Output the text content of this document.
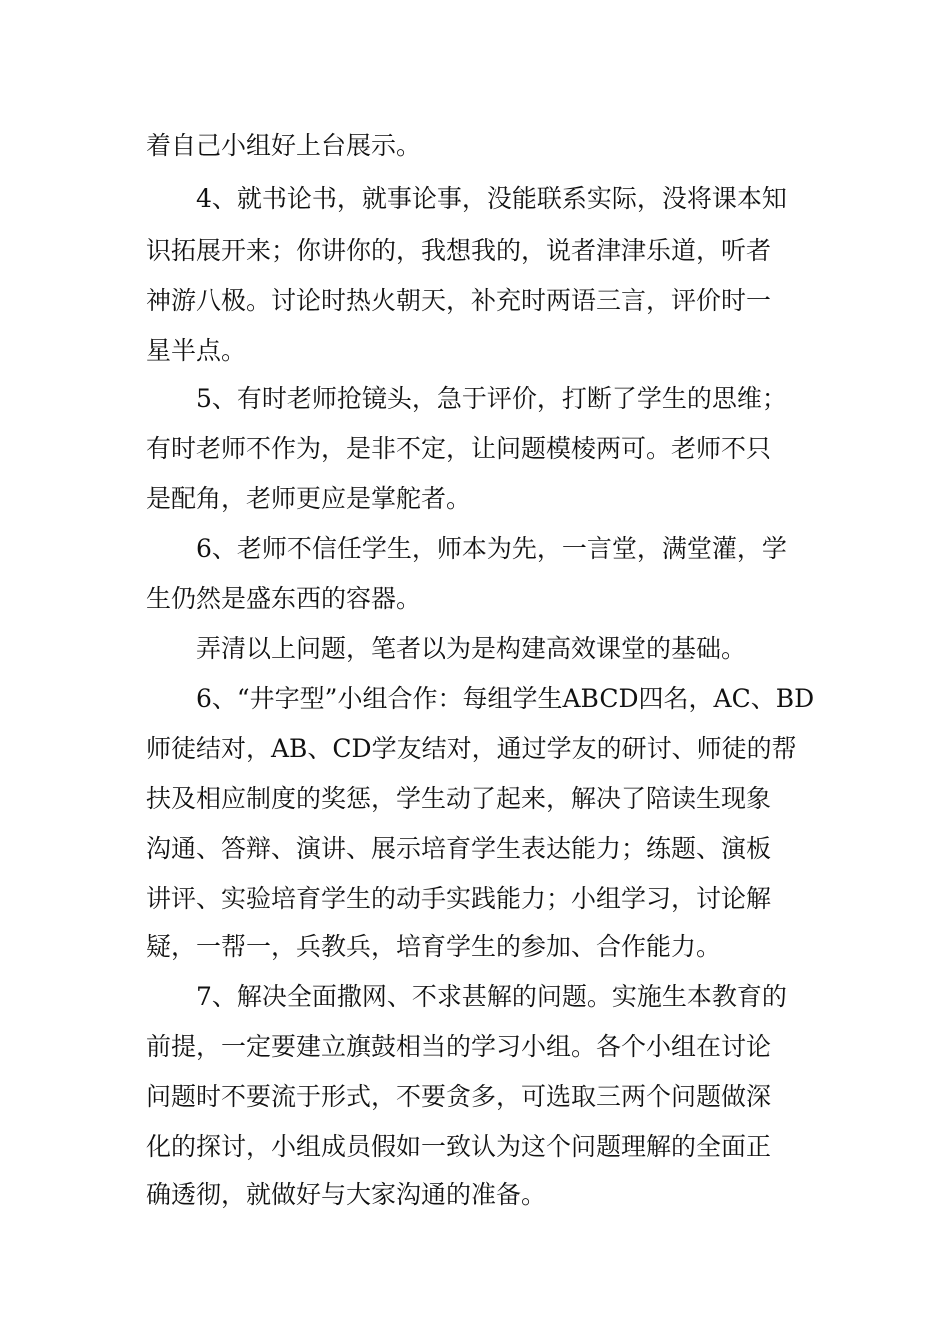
着自己小组好上台展示。
4、就书论书，就事论事，没能联系实际，没将课本知
识拓展开来；你讲你的，我想我的，说者津津乐道，听者
神游八极。讨论时热火朝天，补充时两语三言，评价时一
星半点。
5、有时老师抢镜头，急于评价，打断了学生的思维；
有时老师不作为，是非不定，让问题模棱两可。老师不只
是配角，老师更应是掌舵者。
6、老师不信任学生，师本为先，一言堂，满堂灌，学
生仍然是盛东西的容器。
弄清以上问题，笔者以为是构建高效课堂的基础。
6、“井字型”小组合作：每组学生ABCD四名，AC、BD
师徒结对，AB、CD学友结对，通过学友的研讨、师徒的帮
扶及相应制度的奖惩，学生动了起来，解决了陪读生现象
沟通、答辩、演讲、展示培育学生表达能力；练题、演板
讲评、实验培育学生的动手实践能力；小组学习，讨论解
疑，一帮一，兵教兵，培育学生的参加、合作能力。
7、解决全面撒网、不求甚解的问题。实施生本教育的
前提，一定要建立旗鼓相当的学习小组。各个小组在讨论
问题时不要流于形式，不要贪多，可选取三两个问题做深
化的探讨，小组成员假如一致认为这个问题理解的全面正
确透彻，就做好与大家沟通的准备。
